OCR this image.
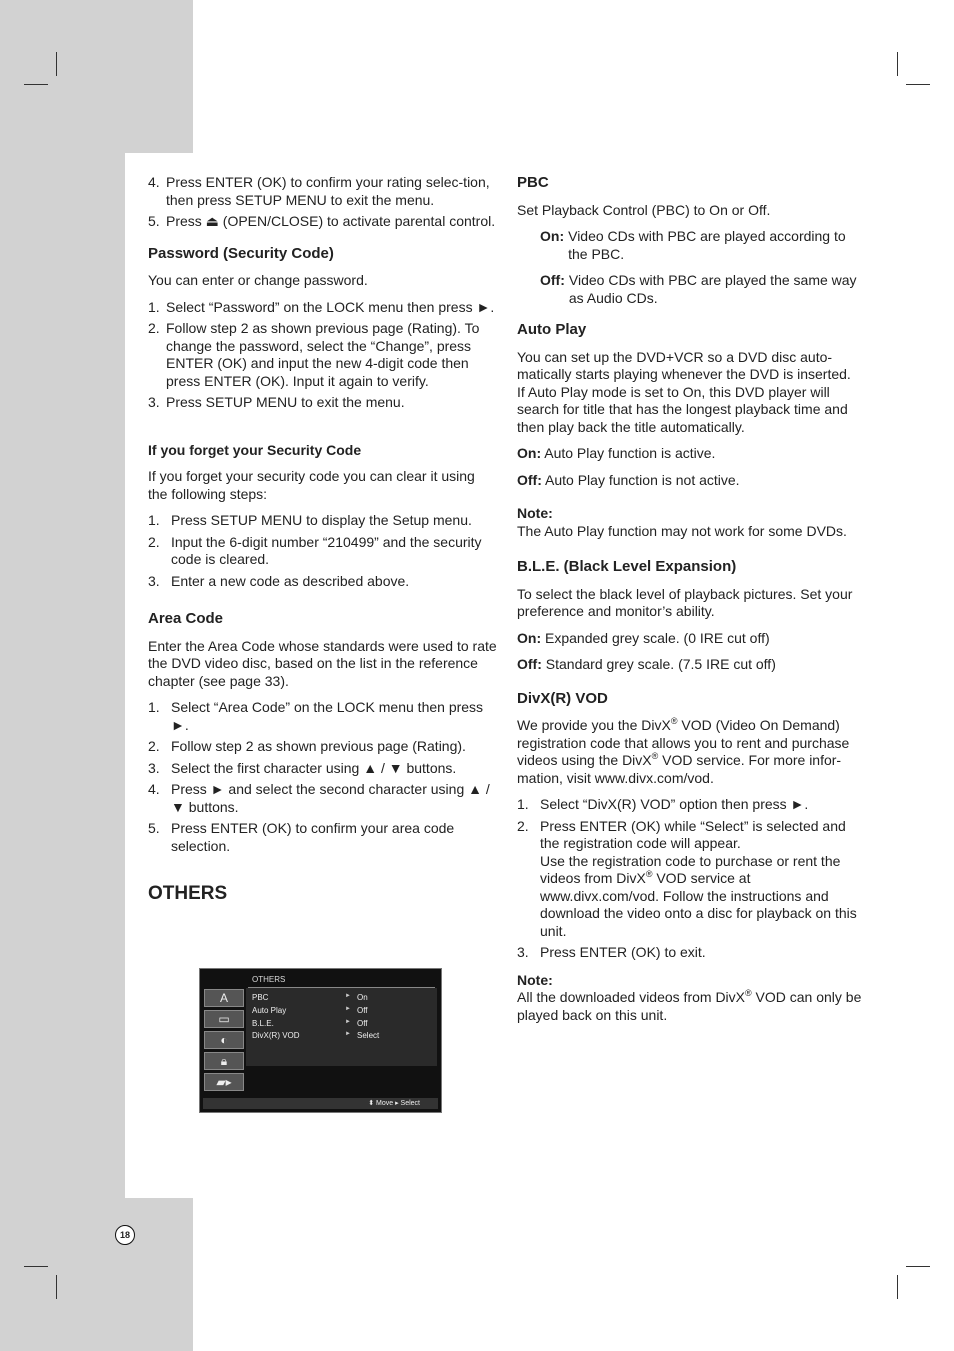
4. Press ENTER (OK) to confirm your rating selec-tion, then press SETUP MENU to exit the menu.
5. Press ⏏ (OPEN/CLOSE) to activate parental control.
Password (Security Code)

You can enter or change password.

1. Select “Password” on the LOCK menu then press ►.
2. Follow step 2 as shown previous page (Rating). To change the password, select the “Change”, press ENTER (OK) and input the new 4-digit code then press ENTER (OK). Input it again to verify.
3. Press SETUP MENU to exit the menu.
If you forget your Security Code

If you forget your security code you can clear it using the following steps:

1. Press SETUP MENU to display the Setup menu.
2. Input the 6-digit number “210499” and the security code is cleared.
3. Enter a new code as described above.
Area Code

Enter the Area Code whose standards were used to rate the DVD video disc, based on the list in the reference chapter (see page 33).

1. Select “Area Code” on the LOCK menu then press ►.
2. Follow step 2 as shown previous page (Rating).
3. Select the first character using ▲ / ▼ buttons.
4. Press ► and select the second character using ▲ / ▼ buttons.
5. Press ENTER (OK) to confirm your area code selection.
OTHERS
OTHERS
A
▭
◐
🔒︎
▰▸
PBC
Auto Play
B.L.E.
DivX(R) VOD
►
►
►
►
On
Off
Off
Select
⬍ Move ▸ Select
PBC

Set Playback Control (PBC) to On or Off.

On: Video CDs with PBC are played according to the PBC.
Off: Video CDs with PBC are played the same way as Audio CDs.
Auto Play

You can set up the DVD+VCR so a DVD disc auto-matically starts playing whenever the DVD is inserted.

If Auto Play mode is set to On, this DVD player will search for title that has the longest playback time and then play back the title automatically.

On: Auto Play function is active.

Off: Auto Play function is not active.

Note:

The Auto Play function may not work for some DVDs.

B.L.E. (Black Level Expansion)

To select the black level of playback pictures. Set your preference and monitor’s ability.

On: Expanded grey scale. (0 IRE cut off)

Off: Standard grey scale. (7.5 IRE cut off)

DivX(R) VOD

We provide you the DivX® VOD (Video On Demand) registration code that allows you to rent and purchase videos using the DivX® VOD service. For more infor-mation, visit www.divx.com/vod.

1. Select “DivX(R) VOD” option then press ►.
2. Press ENTER (OK) while “Select” is selected and the registration code will appear.
Use the registration code to purchase or rent the videos from DivX® VOD service at www.divx.com/vod. Follow the instructions and download the video onto a disc for playback on this unit.
3. Press ENTER (OK) to exit.

Note:

All the downloaded videos from DivX® VOD can only be played back on this unit.

18
